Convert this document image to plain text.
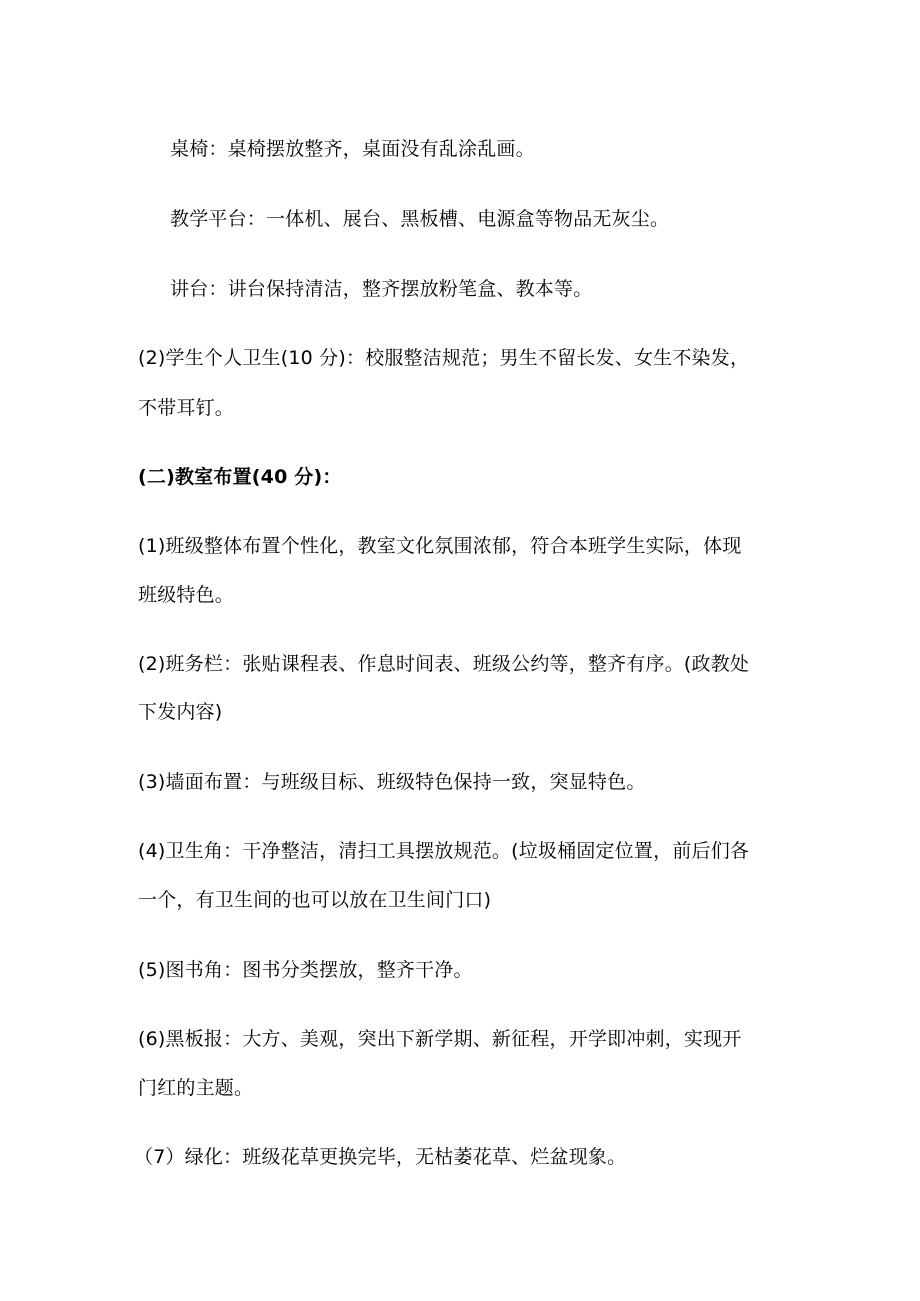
桌椅：桌椅摆放整齐，桌面没有乱涂乱画。
教学平台：一体机、展台、黑板槽、电源盒等物品无灰尘。
讲台：讲台保持清洁，整齐摆放粉笔盒、教本等。
(2)学生个人卫生(10 分)：校服整洁规范；男生不留长发、女生不染发，
不带耳钉。
(二)教室布置(40 分)：
(1)班级整体布置个性化，教室文化氛围浓郁，符合本班学生实际，体现
班级特色。
(2)班务栏：张贴课程表、作息时间表、班级公约等，整齐有序。(政教处
下发内容)
(3)墙面布置：与班级目标、班级特色保持一致，突显特色。
(4)卫生角：干净整洁，清扫工具摆放规范。(垃圾桶固定位置，前后们各
一个，有卫生间的也可以放在卫生间门口)
(5)图书角：图书分类摆放，整齐干净。
(6)黑板报：大方、美观，突出下新学期、新征程，开学即冲刺，实现开
门红的主题。
（7）绿化：班级花草更换完毕，无枯萎花草、烂盆现象。
